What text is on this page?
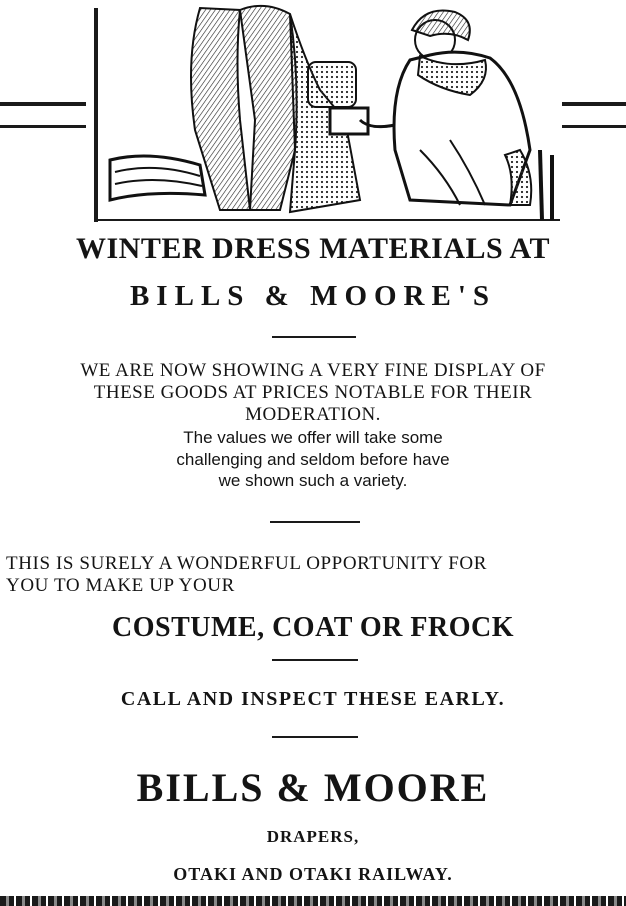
WINTER DRESS MATERIALS AT
BILLS & MOORE'S
WE ARE NOW SHOWING A VERY FINE DISPLAY OF
THESE GOODS AT PRICES NOTABLE FOR THEIR
MODERATION.
The values we offer will take some
challenging and seldom before have
we shown such a variety.
THIS IS SURELY A WONDERFUL OPPORTUNITY FOR
YOU TO MAKE UP YOUR
COSTUME, COAT OR FROCK
CALL AND INSPECT THESE EARLY.
BILLS & MOORE
DRAPERS,
OTAKI AND OTAKI RAILWAY.
